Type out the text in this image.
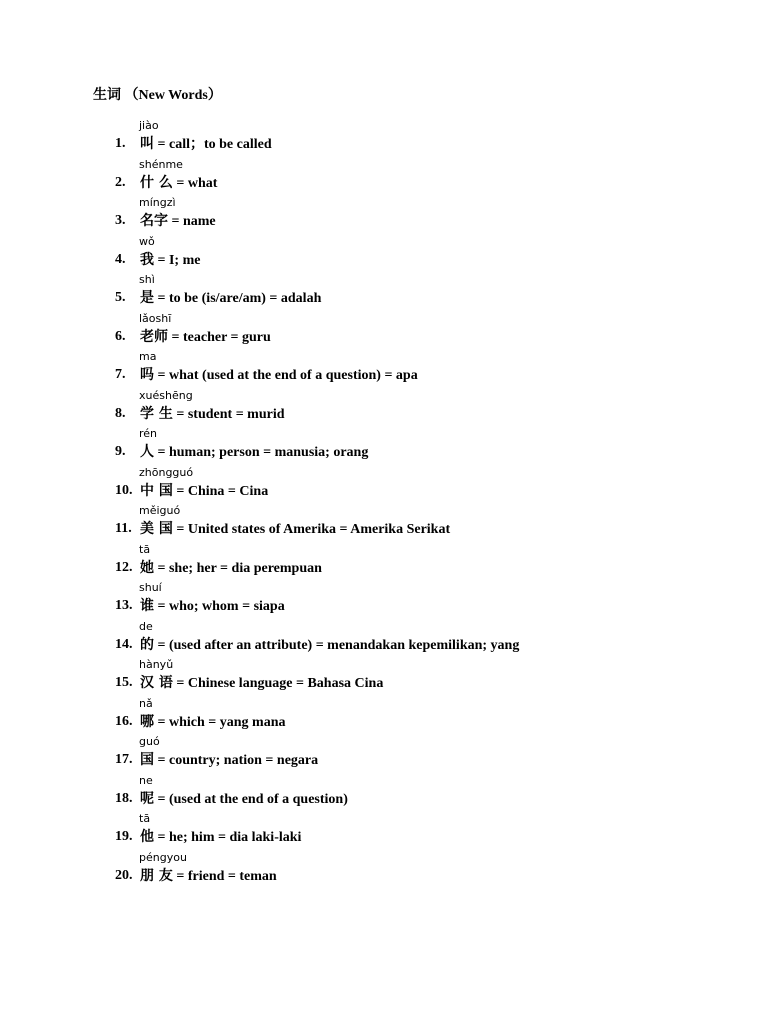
生词 （New Words）
jiào
1. 叫 = call；to be called
shénme
2. 什 么 = what
míngzì
3. 名字 = name
wǒ
4. 我 = I; me
shì
5. 是 = to be (is/are/am) = adalah
lǎoshī
6. 老师 = teacher = guru
ma
7. 吗 = what (used at the end of a question) = apa
xuéshēng
8. 学 生 = student = murid
rén
9. 人 = human; person = manusia; orang
zhōngguó
10. 中 国 = China = Cina
měiguó
11. 美 国 = United states of Amerika = Amerika Serikat
tā
12. 她 = she; her = dia perempuan
shuí
13. 谁 = who; whom = siapa
de
14. 的 = (used after an attribute) = menandakan kepemilikan; yang
hànyǔ
15. 汉 语 = Chinese language = Bahasa Cina
nǎ
16. 哪 = which = yang mana
guó
17. 国 = country; nation = negara
ne
18. 呢 = (used at the end of a question)
tā
19. 他 = he; him = dia laki-laki
péngyou
20. 朋 友 = friend = teman
